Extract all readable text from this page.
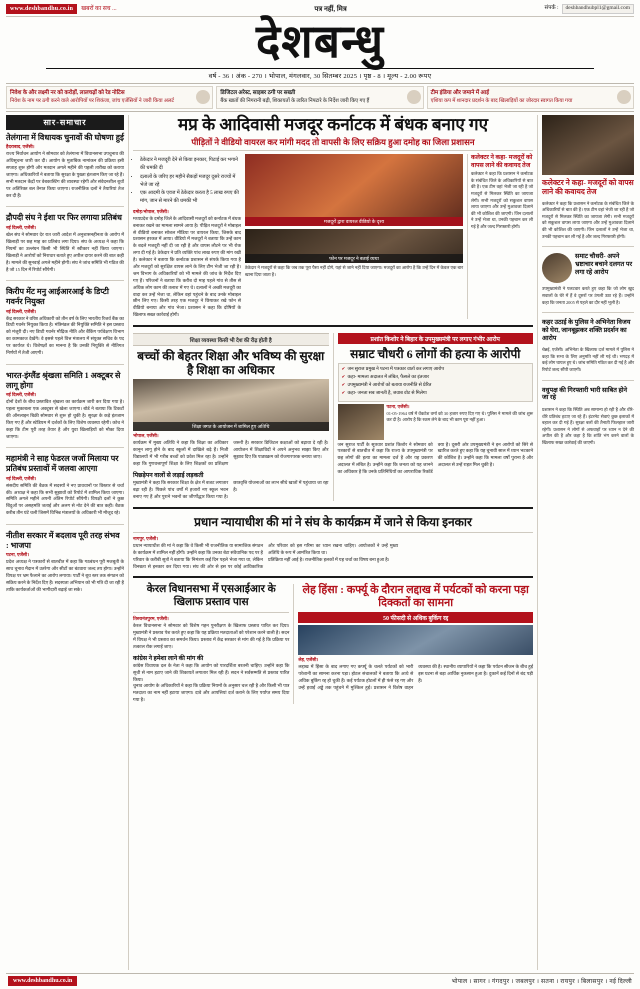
www.deshbandhu.co.in	खबरों का सच ...	पत्र नहीं, मित्र	संपर्क :	deshbandhubpl1@gmail.com
देशबन्धु
वर्ष - 36 । अंक - 270 । भोपाल, मंगलवार, 30 सितम्बर 2025 । पृष्ठ - 8 । मूल्य - 2.00 रूपए
निवेश के और लक्ष्मी नर को करोड़ों, लालचढ़ों को रेड नोटिस
निवेश के नाम पर ठगी करने वाले आरोपियों पर शिकंजा, जांच एजेंसियों ने जारी किया अलर्ट
डिजिटल अरेस्ट, साइबर ठगी पर सख्ती
बैंक खातों की निगरानी बढ़ी, शिकायतों के त्वरित निपटारे के निर्देश जारी किए गए हैं
टीम इंडिया और जमाने में आई
एशिया कप में शानदार प्रदर्शन के बाद खिलाड़ियों का जोरदार स्वागत किया गया
सार-समाचार
तेलंगाना में विधायक चुनावों की घोषणा हुई
हैदराबाद, एजेंसी।
राज्य निर्वाचन आयोग ने सोमवार को तेलंगाना में विधानसभा उपचुनाव की अधिसूचना जारी कर दी। आयोग के मुताबिक नामांकन की प्रक्रिया इसी सप्ताह शुरू होगी और मतदान अगले महीने की पहली तारीख को कराया जाएगा। अधिकारियों ने बताया कि सुरक्षा के पुख्ता इंतजाम किए जा रहे हैं। सभी मतदान केंद्रों पर वेबकास्टिंग की व्यवस्था रहेगी और संवेदनशील बूथों पर अतिरिक्त बल तैनात किया जाएगा। राजनीतिक दलों ने तैयारियां तेज कर दी हैं।
द्रौपदी संघ ने ईशा पर फिर लगाया प्रतिबंध
नई दिल्ली, एजेंसी।
खेल संघ ने सोमवार देर रात जारी आदेश में अनुशासनहीनता के आरोप में खिलाड़ी पर छह माह का प्रतिबंध लगा दिया। संघ के अध्यक्ष ने कहा कि नियमों का उल्लंघन किसी भी स्थिति में स्वीकार नहीं किया जाएगा। खिलाड़ी ने आरोपों को निराधार बताते हुए अपील दायर करने की बात कही है। मामले की सुनवाई अगले महीने होगी। संघ ने जांच समिति भी गठित की है जो 15 दिन में रिपोर्ट सौंपेगी।
किरीप मेंट मनु आईआरआई के डिप्टी गवर्नर नियुक्त
नई दिल्ली, एजेंसी।
केंद्र सरकार ने वरिष्ठ अधिकारी को तीन वर्ष के लिए भारतीय रिजर्व बैंक का डिप्टी गवर्नर नियुक्त किया है। मंत्रिमंडल की नियुक्ति समिति ने इस प्रस्ताव को मंजूरी दी। नए डिप्टी गवर्नर मौद्रिक नीति और बैंकिंग पर्यवेक्षण विभाग का कामकाज देखेंगे। वे इससे पहले वित्त मंत्रालय में संयुक्त सचिव के पद पर कार्यरत थे। विशेषज्ञों का मानना है कि उनकी नियुक्ति से नीतिगत निर्णयों में तेजी आएगी।
भारत-इंग्लैंड श्रृंखला समिति 1 अक्टूबर से लागू होगा
नई दिल्ली, एजेंसी।
दोनों देशों के बीच प्रस्तावित श्रृंखला का कार्यक्रम जारी कर दिया गया है। पहला मुकाबला एक अक्टूबर से खेला जाएगा। बोर्ड ने बताया कि टिकटों की ऑनलाइन बिक्री सोमवार से शुरू हो चुकी है। सुरक्षा के कड़े इंतजाम किए गए हैं और स्टेडियम में दर्शकों के लिए विशेष व्यवस्था रहेगी। कोच ने कहा कि टीम पूरी तरह तैयार है और युवा खिलाड़ियों को मौका दिया जाएगा।
महामंत्री ने साह फेडरल जजों मिलाया पर प्रतिबंध प्रस्तावों में जलवा आएगा
नई दिल्ली, एजेंसी।
संसदीय समिति की बैठक में सदस्यों ने नए प्रावधानों पर विस्तार से चर्चा की। अध्यक्ष ने कहा कि सभी सुझावों को रिपोर्ट में शामिल किया जाएगा। समिति अगले महीने अपनी अंतिम रिपोर्ट सौंपेगी। विपक्षी दलों ने कुछ बिंदुओं पर असहमति जताई और अलग से नोट देने की बात कही। बैठक करीब तीन घंटे चली जिसमें विभिन्न मंत्रालयों के अधिकारी भी मौजूद रहे।
नीतीश सरकार में बदलाव पूरी तरह संभव : भाजपा
पटना, एजेंसी।
प्रदेश अध्यक्ष ने पत्रकारों से बातचीत में कहा कि गठबंधन पूरी मजबूती के साथ चुनाव मैदान में उतरेगा और सीटों का बंटवारा जल्द तय होगा। उन्होंने विपक्ष पर भ्रम फैलाने का आरोप लगाया। पार्टी ने बूथ स्तर तक संगठन को सक्रिय करने के निर्देश दिए हैं। सदस्यता अभियान को भी गति दी जा रही है ताकि कार्यकर्ताओं की भागीदारी बढ़ाई जा सके।
मप्र के आदिवासी मजदूर कर्नाटक में बंधक बनाए गए
पीड़ितों ने वीडियो वायरल कर मांगी मदद तो वापसी के लिए सक्रिय हुआ दमोह का जिला प्रशासन
• ठेकेदार ने मजदूरी देने से किया इनकार, पिटाई कर भगाने की धमकी दी
• दलालों के जरिए हर महीने सैकड़ों मजदूर दूसरे राज्यों में भेजे जा रहे
• एक आदमी के एवज में ठेकेदार करता है 5 लाख रुपए की मांग, जान से मारने की धमकी भी
दमोह/भोपाल, एजेंसी।
मध्यप्रदेश के दमोह जिले के आदिवासी मजदूरों को कर्नाटक में बंधक बनाकर रखने का मामला सामने आया है। पीड़ित मजदूरों ने मोबाइल से वीडियो बनाकर सोशल मीडिया पर वायरल किया, जिसके बाद प्रशासन हरकत में आया। वीडियो में मजदूरों ने बताया कि उन्हें काम के बदले मजदूरी नहीं दी जा रही है और वापस लौटने पर भी रोक लगा दी गई है। ठेकेदार ने प्रति व्यक्ति पांच लाख रुपए की मांग रखी है। कलेक्टर ने बताया कि कर्नाटक प्रशासन से संपर्क किया गया है और मजदूरों को सुरक्षित वापस लाने के लिए टीम भेजी जा रही है। श्रम विभाग के अधिकारियों को भी मामले की जांच के निर्देश दिए गए हैं। परिजनों ने बताया कि करीब दो माह पहले गांव से तीस से अधिक लोग काम की तलाश में गए थे। दलालों ने अच्छी मजदूरी का वादा कर उन्हें भेजा था, लेकिन वहां पहुंचने के बाद उनके मोबाइल छीन लिए गए। किसी तरह एक मजदूर ने छिपाकर रखे फोन से वीडियो बनाया और गांव भेजा। प्रशासन ने कहा कि दोषियों के खिलाफ सख्त कार्रवाई होगी।
मजदूरों द्वारा वायरल वीडियो के दृश्य
फोन पर मजदूर ने बताई व्यथा
ठेकेदार ने मजदूरों से कहा कि जब तक पूरा पैसा नहीं दोगे, यहां से जाने नहीं दिया जाएगा। मजदूरों का आरोप है कि उन्हें दिन में केवल एक बार खाना दिया जाता है।
कलेक्टर ने कहा- मजदूरों को वापस लाने की कवायद तेज
कलेक्टर ने कहा कि प्रशासन ने कर्नाटक के संबंधित जिले के अधिकारियों से बात की है। एक टीम वहां भेजी जा रही है जो मजदूरों से मिलकर स्थिति का जायजा लेगी। सभी मजदूरों को सकुशल वापस लाया जाएगा और उन्हें मुआवजा दिलाने की भी कोशिश की जाएगी। जिन दलालों ने उन्हें भेजा था, उनकी पहचान कर ली गई है और जल्द गिरफ्तारी होगी।
शिक्षा व्यवस्था किसी भी देश की रीढ़ होती है
बच्चों की बेहतर शिक्षा और भविष्य की सुरक्षा है शिक्षा का अधिकार
शिक्षा जगत के आयोजन में शामिल हुए अतिथि
भोपाल, एजेंसी।
कार्यक्रम में मुख्य अतिथि ने कहा कि शिक्षा का अधिकार कानून लागू होने के बाद स्कूलों में दाखिले बढ़े हैं। निजी विद्यालयों में भी गरीब बच्चों को प्रवेश मिल रहा है। उन्होंने कहा कि गुणवत्तापूर्ण शिक्षा के लिए शिक्षकों का प्रशिक्षण जरूरी है। सरकार डिजिटल कक्षाओं को बढ़ावा दे रही है। आयोजन में शिक्षाविदों ने अपने अनुभव साझा किए और सुझाव दिए कि पाठ्यक्रम को रोजगारपरक बनाया जाए।
पिछड़ेपन वालों से लड़ाई लड़कती
मुख्यमंत्री ने कहा कि सरकार शिक्षा के क्षेत्र में बजट लगातार बढ़ा रही है। पिछले पांच वर्षों में हजारों नए स्कूल भवन बनाए गए हैं और पुराने भवनों का जीर्णोद्धार किया गया है। छात्रवृत्ति योजनाओं का लाभ सीधे खातों में पहुंचाया जा रहा है।
प्रशांत किशोर ने बिहार के उपमुख्यमंत्री पर लगाए गंभीर आरोप
सम्राट चौधरी 6 लोगों की हत्या के आरोपी
✔ जन सुराज प्रमुख ने पटना में पत्रकार वार्ता कर लगाए आरोप
✔ कहा- मामला अदालत में लंबित, फैसले का इंतजार
✔ उपमुख्यमंत्री ने आरोपों को बताया राजनीति से प्रेरित
✔ कहा- जनता सब जानती है, जवाब वोट से मिलेगा
पटना, एजेंसी।
01-05-1964 वर्ष में वेंकटेश वर्मा को 30 हजार रुपए दिए गए थे। पुलिस ने मामले की जांच शुरू कर दी है। आरोप है कि रकम लेने के बाद भी काम पूरा नहीं हुआ।
जन सुराज पार्टी के सूत्रधार प्रशांत किशोर ने सोमवार को पत्रकारों से बातचीत में कहा कि राज्य के उपमुख्यमंत्री पर छह लोगों की हत्या का मामला दर्ज है और यह प्रकरण अदालत में लंबित है। उन्होंने कहा कि जनता को यह जानने का अधिकार है कि उनके प्रतिनिधियों का आपराधिक रिकॉर्ड क्या है। दूसरी ओर उपमुख्यमंत्री ने इन आरोपों को सिरे से खारिज करते हुए कहा कि यह चुनावी साल में ध्यान भटकाने की कोशिश है। उन्होंने कहा कि मामला वर्षों पुराना है और अदालत से उन्हें राहत मिल चुकी है।
प्रधान न्यायाधीश की मां ने संघ के कार्यक्रम में जाने से किया इनकार
नागपुर, एजेंसी।
प्रधान न्यायाधीश की मां ने कहा कि वे किसी भी राजनीतिक या सामाजिक संगठन के कार्यक्रम में शामिल नहीं होंगी। उन्होंने कहा कि उनका बेटा संवैधानिक पद पर है और परिवार को इस गरिमा का ध्यान रखना चाहिए। आयोजकों ने उन्हें मुख्य अतिथि के रूप में आमंत्रित किया था।
परिवार के करीबी सूत्रों ने बताया कि निमंत्रण कई दिन पहले भेजा गया था, लेकिन विनम्रता से इनकार कर दिया गया। संघ की ओर से इस पर कोई आधिकारिक प्रतिक्रिया नहीं आई है। राजनीतिक हलकों में यह चर्चा का विषय बना हुआ है।
केरल विधानसभा में एसआईआर के खिलाफ प्रस्ताव पास
तिरुवनंतपुरम, एजेंसी।
केरल विधानसभा ने सोमवार को विशेष गहन पुनरीक्षण के खिलाफ प्रस्ताव पारित कर दिया। मुख्यमंत्री ने प्रस्ताव पेश करते हुए कहा कि यह प्रक्रिया मतदाताओं को परेशान करने वाली है। सदन में विपक्ष ने भी प्रस्ताव का समर्थन किया। प्रस्ताव में केंद्र सरकार से मांग की गई है कि प्रक्रिया पर तत्काल रोक लगाई जाए।
कांग्रेस ने हमेशा लाने की मांग की
कांग्रेस विधायक दल के नेता ने कहा कि आयोग को पारदर्शिता बरतनी चाहिए। उन्होंने कहा कि सूची से नाम हटाए जाने की शिकायतें लगातार मिल रही हैं। सदन ने सर्वसम्मति से प्रस्ताव पारित किया।
चुनाव आयोग के अधिकारियों ने कहा कि प्रक्रिया नियमों के अनुसार चल रही है और किसी भी पात्र मतदाता का नाम नहीं हटाया जाएगा। दावे और आपत्तियां दर्ज कराने के लिए पर्याप्त समय दिया गया है।
लेह हिंसा : कर्फ्यू के दौरान लद्दाख में पर्यटकों को करना पड़ा दिक्कतों का सामना
50 फीसदी से अधिक बुकिंग रद्द
लेह, एजेंसी।
लद्दाख में हिंसा के बाद लगाए गए कर्फ्यू के चलते पर्यटकों को भारी परेशानी का सामना करना पड़ा। होटल संचालकों ने बताया कि आधे से अधिक बुकिंग रद्द हो चुकी हैं। कई पर्यटक होटलों में ही फंसे रह गए और उन्हें हवाई अड्डे तक पहुंचने में मुश्किल हुई। प्रशासन ने विशेष वाहन व्यवस्था की है। स्थानीय व्यापारियों ने कहा कि पर्यटन सीजन के बीच हुई इस घटना से बड़ा आर्थिक नुकसान हुआ है। दुकानें कई दिनों से बंद पड़ी हैं।
कलेक्टर ने कहा- मजदूरों को वापस लाने की कवायद तेज
कलेक्टर ने कहा कि प्रशासन ने कर्नाटक के संबंधित जिले के अधिकारियों से बात की है। एक टीम वहां भेजी जा रही है जो मजदूरों से मिलकर स्थिति का जायजा लेगी। सभी मजदूरों को सकुशल वापस लाया जाएगा और उन्हें मुआवजा दिलाने की भी कोशिश की जाएगी। जिन दलालों ने उन्हें भेजा था, उनकी पहचान कर ली गई है और जल्द गिरफ्तारी होगी।
समाट चौधरी- अपने भ्रष्टाचार बचाने दलगत पर लगा रहे आरोप
उपमुख्यमंत्री ने पलटवार करते हुए कहा कि जो लोग खुद सवालों के घेरे में हैं वे दूसरों पर उंगली उठा रहे हैं। उन्होंने कहा कि जनता 2005 से पहले का दौर नहीं भूली है।
कहर उठाई के पुलिस ने अभिनेता विजय को घेरा, जानबूझकर शक्ति प्रदर्शन का आरोप
चेन्नई, एजेंसी। अभिनेता के खिलाफ दर्ज मामले में पुलिस ने कहा कि सभा के लिए अनुमति नहीं ली गई थी। भगदड़ में कई लोग घायल हुए थे। जांच समिति गठित कर दी गई है और रिपोर्ट जल्द सौंपी जाएगी।
वधुपक्ष की गिरफ्तारी भारी साबित होने जा रहे
प्रशासन ने कहा कि स्थिति अब सामान्य हो रही है और धीरे-धीरे प्रतिबंध हटाए जा रहे हैं। इंटरनेट सेवाएं कुछ इलाकों में बहाल कर दी गई हैं। सुरक्षा बलों की तैनाती फिलहाल जारी रहेगी। प्रशासन ने लोगों से अफवाहों पर ध्यान न देने की अपील की है और कहा है कि शांति भंग करने वालों के खिलाफ सख्त कार्रवाई की जाएगी।
www.deshbandhu.co.in	भोपाल । सागर । गंगदपुर । जबलपुर । सतना । रायपुर । बिलासपुर । नई दिल्ली
